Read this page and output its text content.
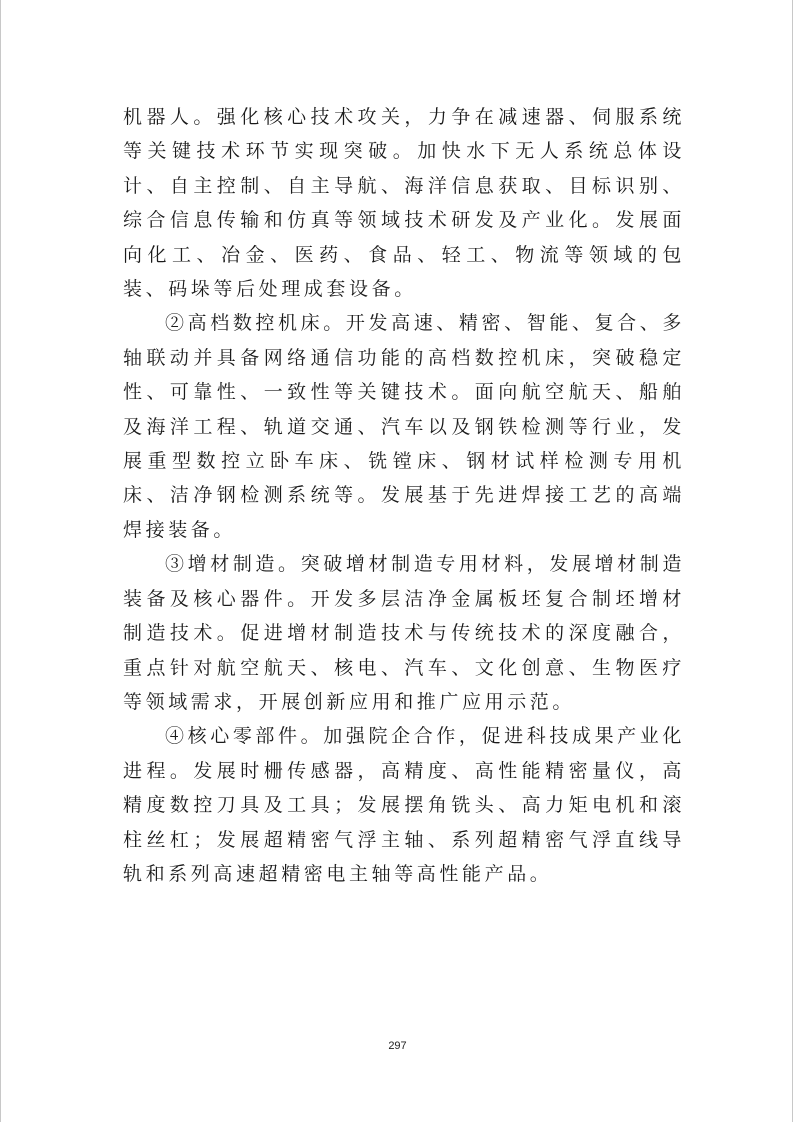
机器人。强化核心技术攻关，力争在减速器、伺服系统等关键技术环节实现突破。加快水下无人系统总体设计、自主控制、自主导航、海洋信息获取、目标识别、综合信息传输和仿真等领域技术研发及产业化。发展面向化工、冶金、医药、食品、轻工、物流等领域的包装、码垛等后处理成套设备。

②高档数控机床。开发高速、精密、智能、复合、多轴联动并具备网络通信功能的高档数控机床，突破稳定性、可靠性、一致性等关键技术。面向航空航天、船舶及海洋工程、轨道交通、汽车以及钢铁检测等行业，发展重型数控立卧车床、铣镗床、钢材试样检测专用机床、洁净钢检测系统等。发展基于先进焊接工艺的高端焊接装备。

③增材制造。突破增材制造专用材料，发展增材制造装备及核心器件。开发多层洁净金属板坯复合制坯增材制造技术。促进增材制造技术与传统技术的深度融合，重点针对航空航天、核电、汽车、文化创意、生物医疗等领域需求，开展创新应用和推广应用示范。

④核心零部件。加强院企合作，促进科技成果产业化进程。发展时栅传感器，高精度、高性能精密量仪，高精度数控刀具及工具；发展摆角铣头、高力矩电机和滚柱丝杠；发展超精密气浮主轴、系列超精密气浮直线导轨和系列高速超精密电主轴等高性能产品。

297
